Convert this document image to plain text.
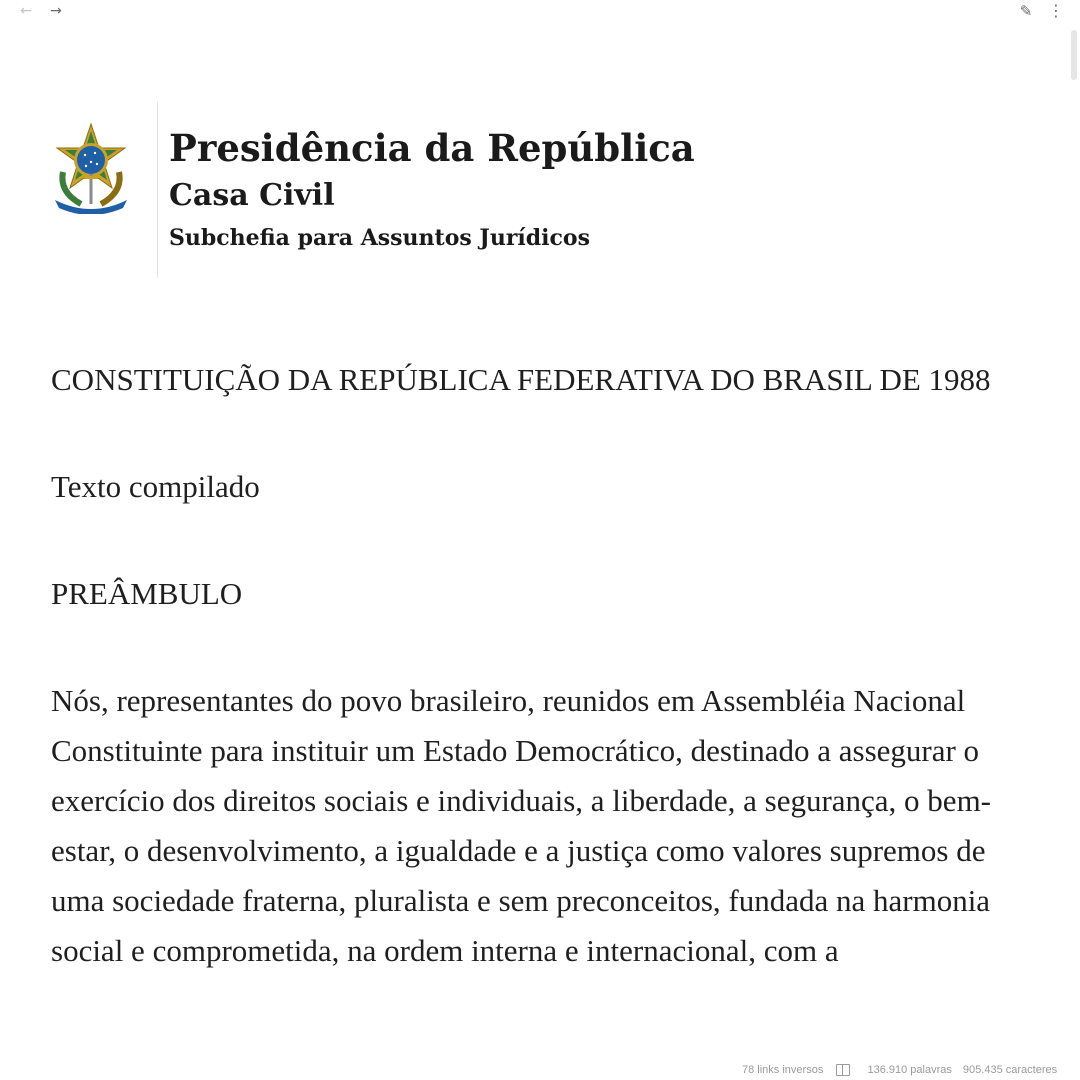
← →	✎ ⋮
Presidência da República
Casa Civil
Subchefia para Assuntos Jurídicos

CONSTITUIÇÃO DA REPÚBLICA FEDERATIVA DO BRASIL DE 1988

Texto compilado

PREÂMBULO

Nós, representantes do povo brasileiro, reunidos em Assembléia Nacional Constituinte para instituir um Estado Democrático, destinado a assegurar o exercício dos direitos sociais e individuais, a liberdade, a segurança, o bem-estar, o desenvolvimento, a igualdade e a justiça como valores supremos de uma sociedade fraterna, pluralista e sem preconceitos, fundada na harmonia social e comprometida, na ordem interna e internacional, com a

78 links inversos	136.910 palavras 905.435 caracteres
